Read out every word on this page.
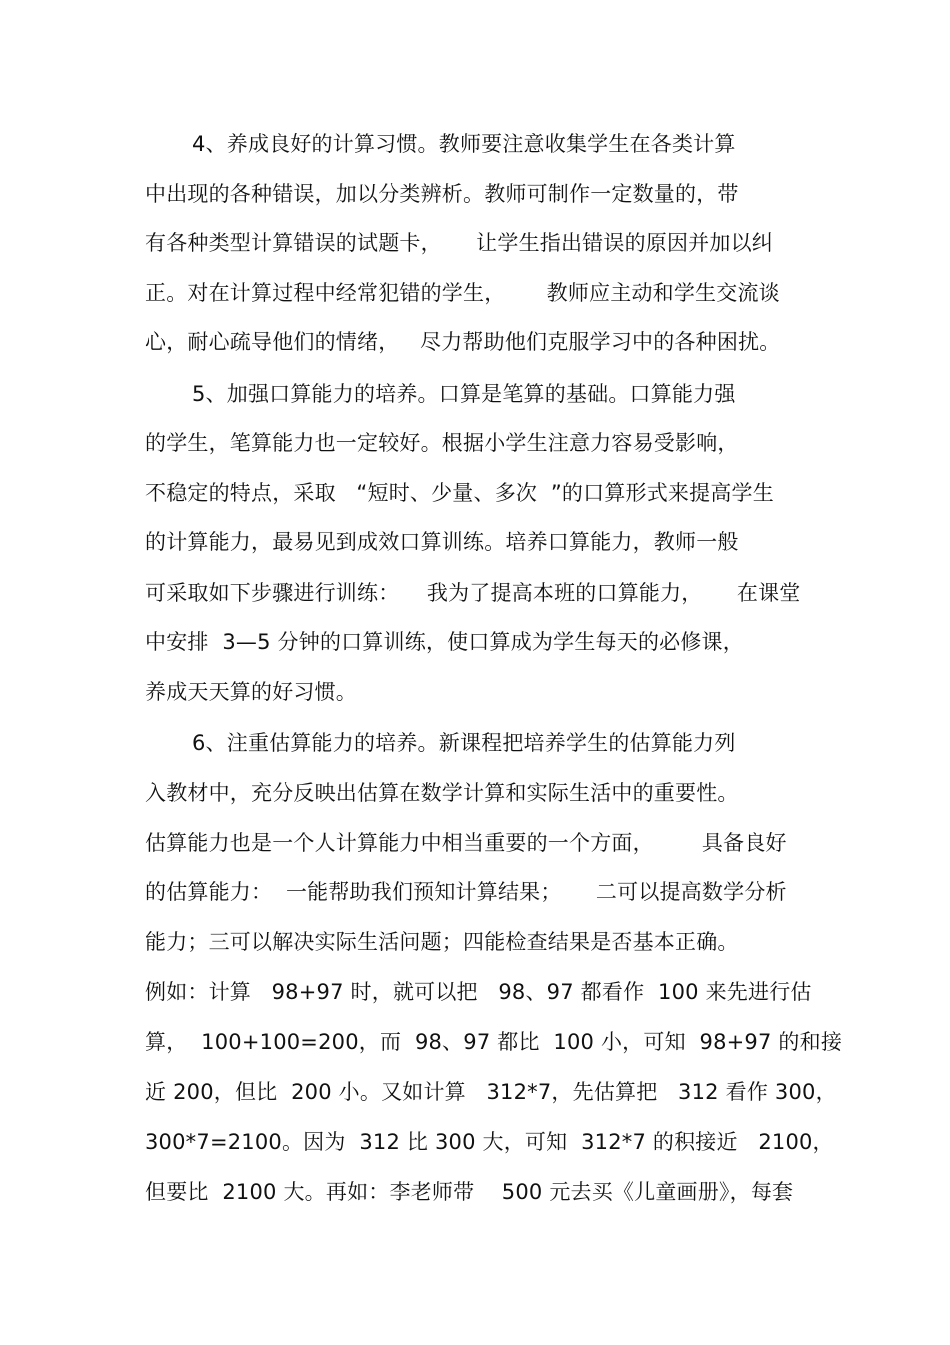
4、养成良好的计算习惯。教师要注意收集学生在各类计算
中出现的各种错误，加以分类辨析。教师可制作一定数量的，带
有各种类型计算错误的试题卡，     让学生指出错误的原因并加以纠
正。对在计算过程中经常犯错的学生，      教师应主动和学生交流谈
心，耐心疏导他们的情绪，   尽力帮助他们克服学习中的各种困扰。
5、加强口算能力的培养。口算是笔算的基础。口算能力强
的学生，笔算能力也一定较好。根据小学生注意力容易受影响，
不稳定的特点，采取   “短时、少量、多次  ”的口算形式来提高学生
的计算能力，最易见到成效口算训练。培养口算能力，教师一般
可采取如下步骤进行训练：    我为了提高本班的口算能力，     在课堂
中安排  3—5 分钟的口算训练，使口算成为学生每天的必修课，
养成天天算的好习惯。
6、注重估算能力的培养。新课程把培养学生的估算能力列
入教材中，充分反映出估算在数学计算和实际生活中的重要性。
估算能力也是一个人计算能力中相当重要的一个方面，       具备良好
的估算能力：  一能帮助我们预知计算结果；     二可以提高数学分析
能力；三可以解决实际生活问题；四能检查结果是否基本正确。
例如：计算   98+97 时，就可以把   98、97 都看作  100 来先进行估
算，  100+100=200，而  98、97 都比  100 小，可知  98+97 的和接
近 200，但比  200 小。又如计算   312*7，先估算把   312 看作 300，
300*7=2100。因为  312 比 300 大，可知  312*7 的积接近   2100，
但要比  2100 大。再如：李老师带    500 元去买《儿童画册》，每套
